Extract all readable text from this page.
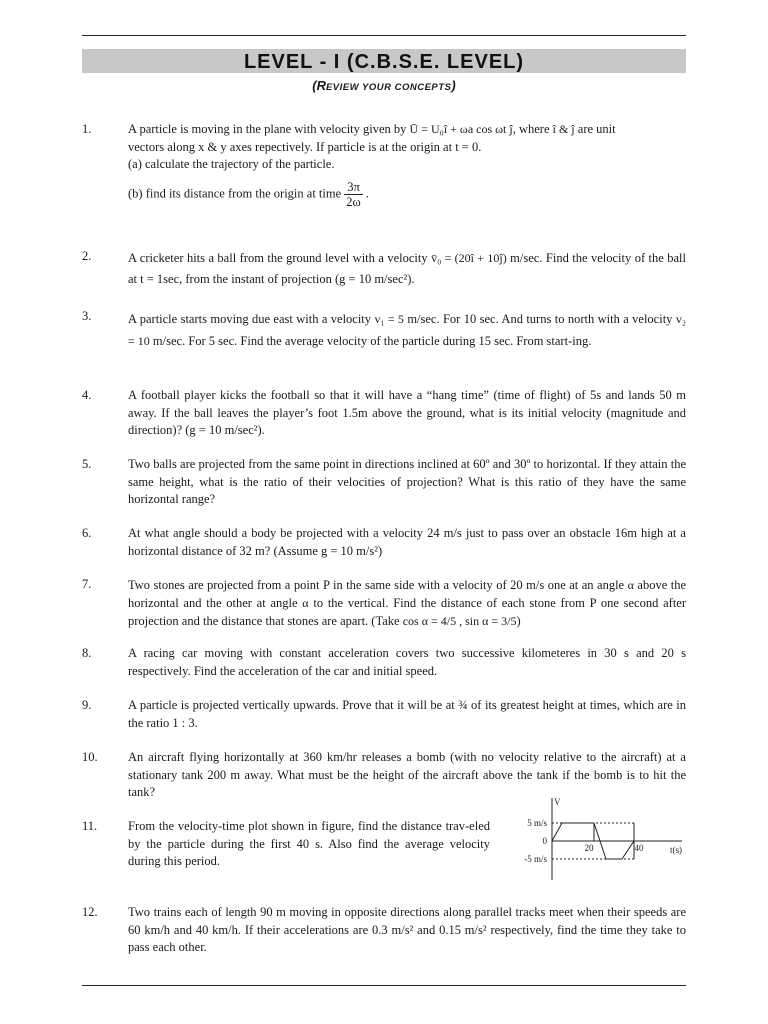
LEVEL - I (C.B.S.E. LEVEL)
(REVIEW YOUR CONCEPTS)
1.	A particle is moving in the plane with velocity given by Ū = U₀î + ωa cos ωt ĵ, where î & ĵ are unit

vectors along x & y axes repectively. If particle is at the origin at t = 0.

(a) calculate the trajectory of the particle.

(b) find its distance from the origin at time $\frac{3\pi}{2\omega}$ .

2.	A cricketer hits a ball from the ground level with a velocity v̄₀ = (20î + 10ĵ) m/sec. Find the velocity of the ball at t = 1sec, from the instant of projection (g = 10 m/sec²).

3.	A particle starts moving due east with a velocity v₁ = 5 m/sec. For 10 sec. And turns to north with a velocity v₂ = 10 m/sec. For 5 sec. Find the average velocity of the particle during 15 sec. From start-ing.

4.	A football player kicks the football so that it will have a “hang time” (time of flight) of 5s and lands 50 m away. If the ball leaves the player’s foot 1.5m above the ground, what is its initial velocity (magnitude and direction)? (g = 10 m/sec²).
5.	Two balls are projected from the same point in directions inclined at 60º and 30º to horizontal. If they attain the same height, what is the ratio of their velocities of projection? What is this ratio of they have the same horizontal range?
6.	At what angle should a body be projected with a velocity 24 m/s just to pass over an obstacle 16m high at a horizontal distance of 32 m? (Assume g = 10 m/s²)
7.	Two stones are projected from a point P in the same side with a velocity of 20 m/s one at an angle α above the horizontal and the other at angle α to the vertical. Find the distance of each stone from P one second after projection and the distance that stones are apart. (Take cos α = 4/5 , sin α = 3/5)

8.	A racing car moving with constant acceleration covers two successive kilometeres in 30 s and 20 s respectively. Find the acceleration of the car and initial speed.
9.	A particle is projected vertically upwards. Prove that it will be at ¾ of its greatest height at times, which are in the ratio 1 : 3.
10. An aircraft flying horizontally at 360 km/hr releases a bomb (with no velocity relative to the aircraft) at a stationary tank 200 m away. What must be the height of the aircraft above the tank if the bomb is to hit the tank?
11. From the velocity-time plot shown in figure, find the distance trav-eled by the particle during the first 40 s. Also find the average velocity during this period.
V
5 m/s
0
-5 m/s
20	40	t(s)
12. Two trains each of length 90 m moving in opposite directions along parallel tracks meet when their speeds are 60 km/h and 40 km/h. If their accelerations are 0.3 m/s² and 0.15 m/s² respectively, find the time they take to pass each other.
